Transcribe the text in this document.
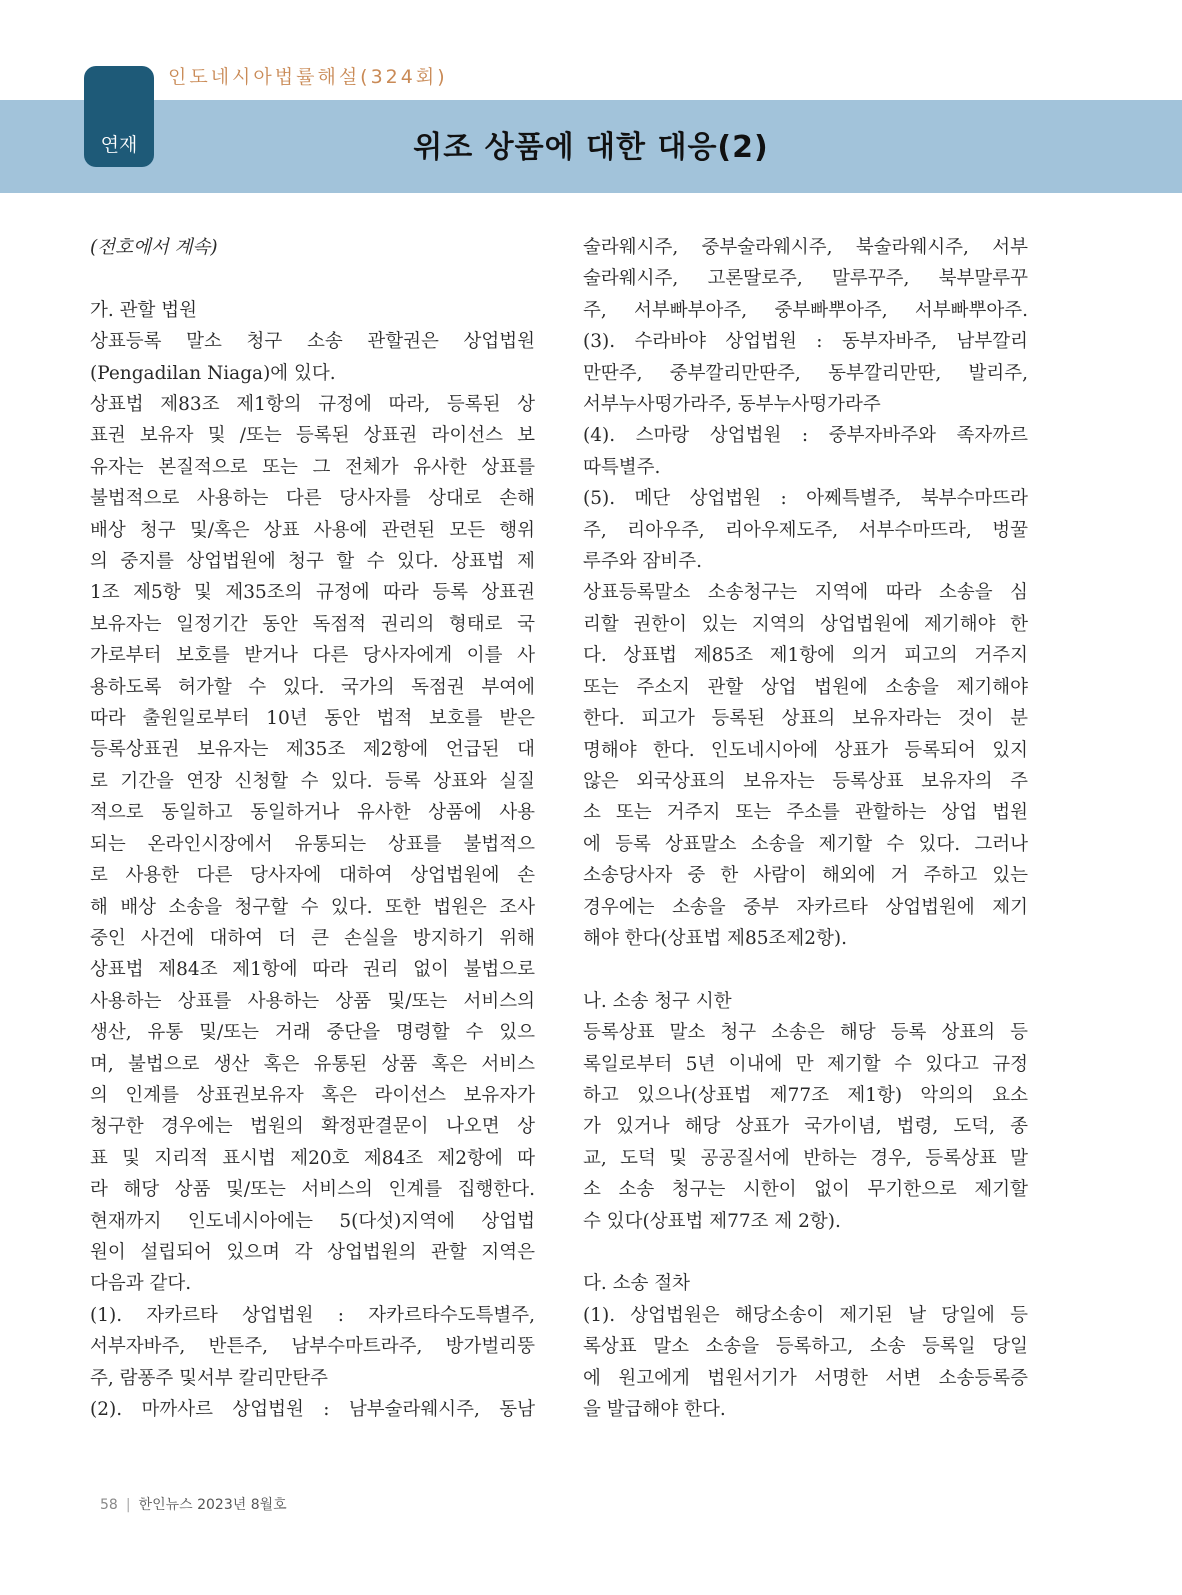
연재
인도네시아법률해설(324회)
위조 상품에 대한 대응(2)

(전호에서 계속)

가. 관할 법원

상표등록 말소 청구 소송 관할권은 상업법원

(Pengadilan Niaga)에 있다.

상표법 제83조 제1항의 규정에 따라, 등록된 상

표권 보유자 및 /또는 등록된 상표권 라이선스 보

유자는 본질적으로 또는 그 전체가 유사한 상표를

불법적으로 사용하는 다른 당사자를 상대로 손해

배상 청구 및/혹은 상표 사용에 관련된 모든 행위

의 중지를 상업법원에 청구 할 수 있다. 상표법 제

1조 제5항 및 제35조의 규정에 따라 등록 상표권

보유자는 일정기간 동안 독점적 권리의 형태로 국

가로부터 보호를 받거나 다른 당사자에게 이를 사

용하도록 허가할 수 있다. 국가의 독점권 부여에

따라 출원일로부터 10년 동안 법적 보호를 받은

등록상표권 보유자는 제35조 제2항에 언급된 대

로 기간을 연장 신청할 수 있다. 등록 상표와 실질

적으로 동일하고 동일하거나 유사한 상품에 사용

되는 온라인시장에서 유통되는 상표를 불법적으

로 사용한 다른 당사자에 대하여 상업법원에 손

해 배상 소송을 청구할 수 있다. 또한 법원은 조사

중인 사건에 대하여 더 큰 손실을 방지하기 위해

상표법 제84조 제1항에 따라 권리 없이 불법으로

사용하는 상표를 사용하는 상품 및/또는 서비스의

생산, 유통 및/또는 거래 중단을 명령할 수 있으

며, 불법으로 생산 혹은 유통된 상품 혹은 서비스

의 인계를 상표권보유자 혹은 라이선스 보유자가

청구한 경우에는 법원의 확정판결문이 나오면 상

표 및 지리적 표시법 제20호 제84조 제2항에 따

라 해당 상품 및/또는 서비스의 인계를 집행한다.

현재까지 인도네시아에는 5(다섯)지역에 상업법

원이 설립되어 있으며 각 상업법원의 관할 지역은

다음과 같다.

(1). 자카르타 상업법원 : 자카르타수도특별주,

서부자바주, 반튼주, 남부수마트라주, 방가벌리뚱

주, 람퐁주 및서부 칼리만탄주

(2). 마까사르 상업법원 : 남부술라웨시주, 동남

술라웨시주, 중부술라웨시주, 북술라웨시주, 서부

술라웨시주, 고론딸로주, 말루꾸주, 북부말루꾸

주, 서부빠부아주, 중부빠뿌아주, 서부빠뿌아주.

(3). 수라바야 상업법원 : 동부자바주, 남부깔리

만딴주, 중부깔리만딴주, 동부깔리만딴, 발리주,

서부누사떵가라주, 동부누사떵가라주

(4). 스마랑 상업법원 : 중부자바주와 족자까르

따특별주.

(5). 메단 상업법원 : 아쩨특별주, 북부수마뜨라

주, 리아우주, 리아우제도주, 서부수마뜨라, 벙꿀

루주와 잠비주.

상표등록말소 소송청구는 지역에 따라 소송을 심

리할 권한이 있는 지역의 상업법원에 제기해야 한

다. 상표법 제85조 제1항에 의거 피고의 거주지

또는 주소지 관할 상업 법원에 소송을 제기해야

한다. 피고가 등록된 상표의 보유자라는 것이 분

명해야 한다. 인도네시아에 상표가 등록되어 있지

않은 외국상표의 보유자는 등록상표 보유자의 주

소 또는 거주지 또는 주소를 관할하는 상업 법원

에 등록 상표말소 소송을 제기할 수 있다. 그러나

소송당사자 중 한 사람이 해외에 거 주하고 있는

경우에는 소송을 중부 자카르타 상업법원에 제기

해야 한다(상표법 제85조제2항).

나. 소송 청구 시한

등록상표 말소 청구 소송은 해당 등록 상표의 등

록일로부터 5년 이내에 만 제기할 수 있다고 규정

하고 있으나(상표법 제77조 제1항) 악의의 요소

가 있거나 해당 상표가 국가이념, 법령, 도덕, 종

교, 도덕 및 공공질서에 반하는 경우, 등록상표 말

소 소송 청구는 시한이 없이 무기한으로 제기할

수 있다(상표법 제77조 제 2항).

다. 소송 절차

(1). 상업법원은 해당소송이 제기된 날 당일에 등

록상표 말소 소송을 등록하고, 소송 등록일 당일

에 원고에게 법원서기가 서명한 서변 소송등록증

을 발급해야 한다.

58 | 한인뉴스 2023년 8월호
